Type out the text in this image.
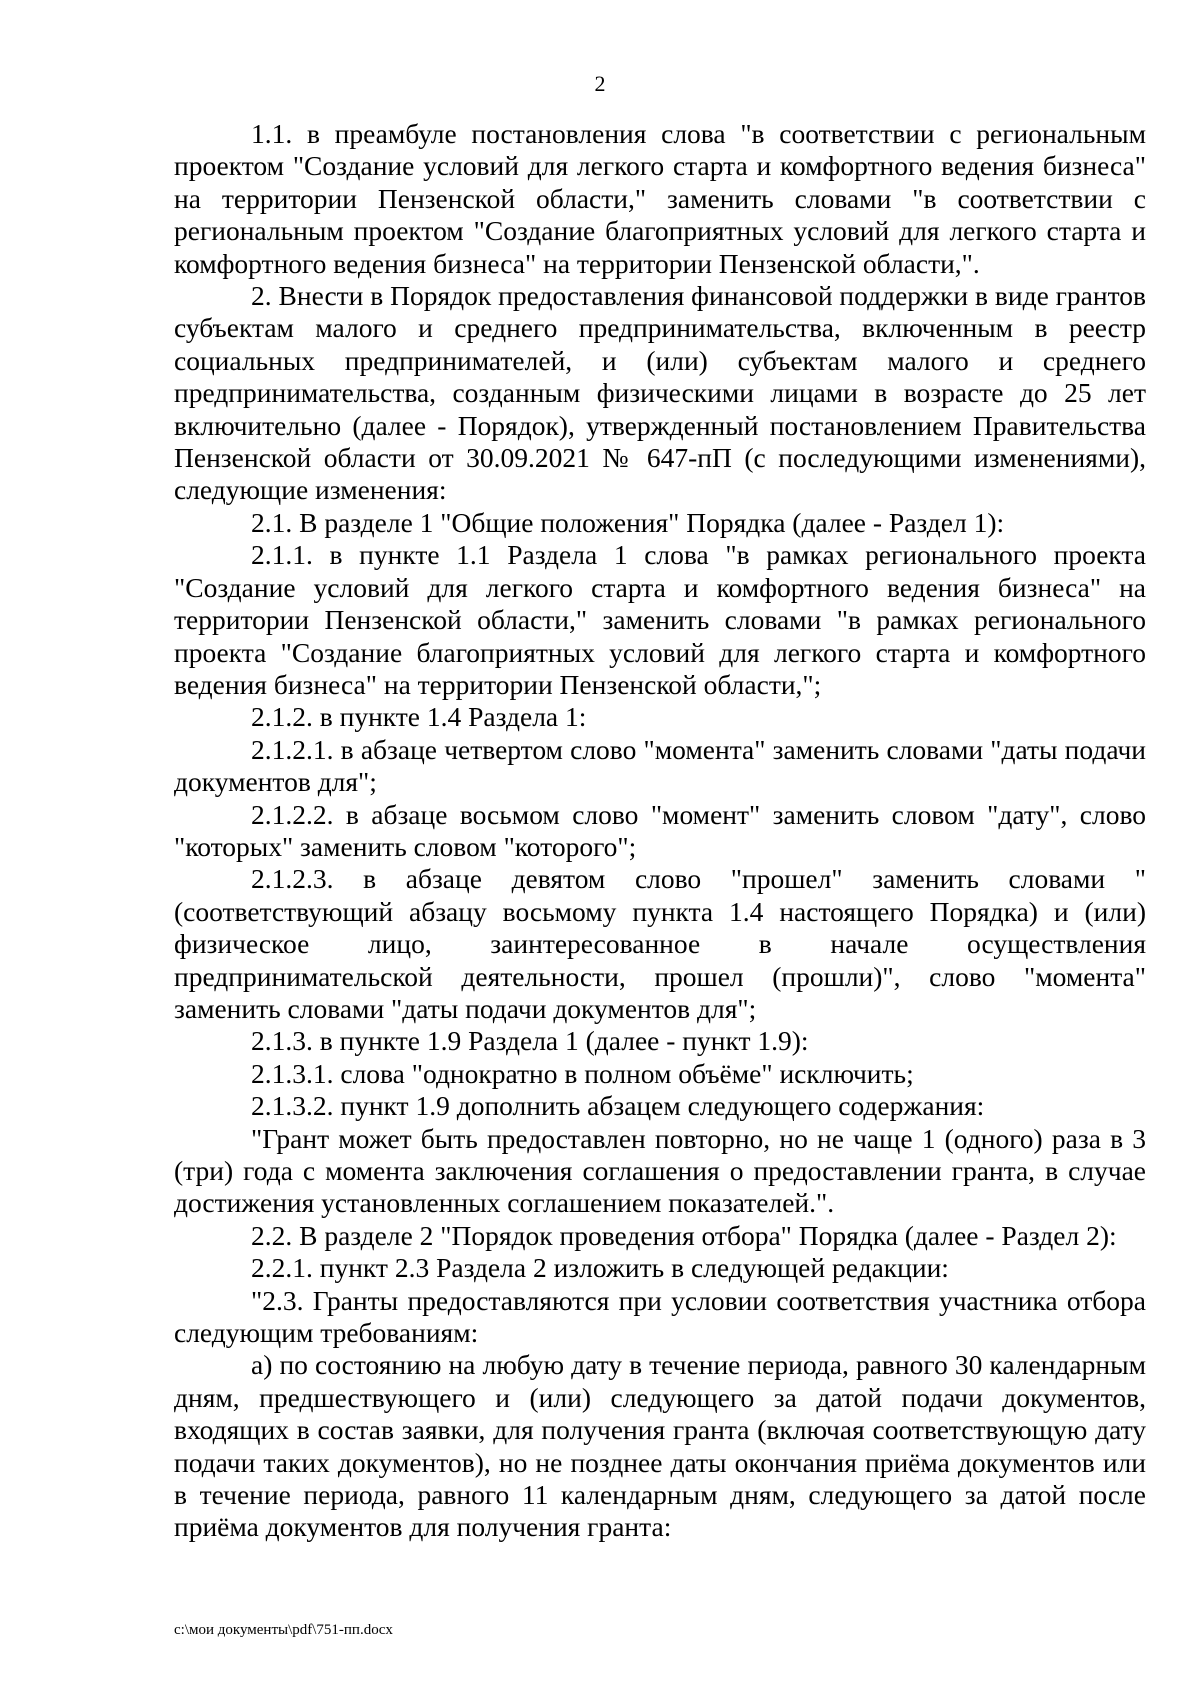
2

1.1. в преамбуле постановления слова "в соответствии с региональным проектом "Создание условий для легкого старта и комфортного ведения бизнеса" на территории Пензенской области," заменить словами "в соответствии с региональным проектом "Создание благоприятных условий для легкого старта и комфортного ведения бизнеса" на территории Пензенской области,".

2. Внести в Порядок предоставления финансовой поддержки в виде грантов субъектам малого и среднего предпринимательства, включенным в реестр социальных предпринимателей, и (или) субъектам малого и среднего предпринимательства, созданным физическими лицами в возрасте до 25 лет включительно (далее - Порядок), утвержденный постановлением Правительства Пензенской области от 30.09.2021 № 647-пП (с последующими изменениями), следующие изменения:

2.1. В разделе 1 "Общие положения" Порядка (далее - Раздел 1):

2.1.1. в пункте 1.1 Раздела 1 слова "в рамках регионального проекта "Создание условий для легкого старта и комфортного ведения бизнеса" на территории Пензенской области," заменить словами "в рамках регионального проекта "Создание благоприятных условий для легкого старта и комфортного ведения бизнеса" на территории Пензенской области,";

2.1.2. в пункте 1.4 Раздела 1:

2.1.2.1. в абзаце четвертом слово "момента" заменить словами "даты подачи документов для";

2.1.2.2. в абзаце восьмом слово "момент" заменить словом "дату", слово "которых" заменить словом "которого";

2.1.2.3. в абзаце девятом слово "прошел" заменить словами "(соответствующий абзацу восьмому пункта 1.4 настоящего Порядка) и (или) физическое лицо, заинтересованное в начале осуществления предпринимательской деятельности, прошел (прошли)", слово "момента" заменить словами "даты подачи документов для";

2.1.3. в пункте 1.9 Раздела 1 (далее - пункт 1.9):

2.1.3.1. слова "однократно в полном объёме" исключить;

2.1.3.2. пункт 1.9 дополнить абзацем следующего содержания:

"Грант может быть предоставлен повторно, но не чаще 1 (одного) раза в 3 (три) года с момента заключения соглашения о предоставлении гранта, в случае достижения установленных соглашением показателей.".

2.2. В разделе 2 "Порядок проведения отбора" Порядка (далее - Раздел 2):

2.2.1. пункт 2.3 Раздела 2 изложить в следующей редакции:

"2.3. Гранты предоставляются при условии соответствия участника отбора следующим требованиям:

а) по состоянию на любую дату в течение периода, равного 30 календарным дням, предшествующего и (или) следующего за датой подачи документов, входящих в состав заявки, для получения гранта (включая соответствующую дату подачи таких документов), но не позднее даты окончания приёма документов или в течение периода, равного 11 календарным дням, следующего за датой после приёма документов для получения гранта:

c:\мои документы\pdf\751-пп.docx
